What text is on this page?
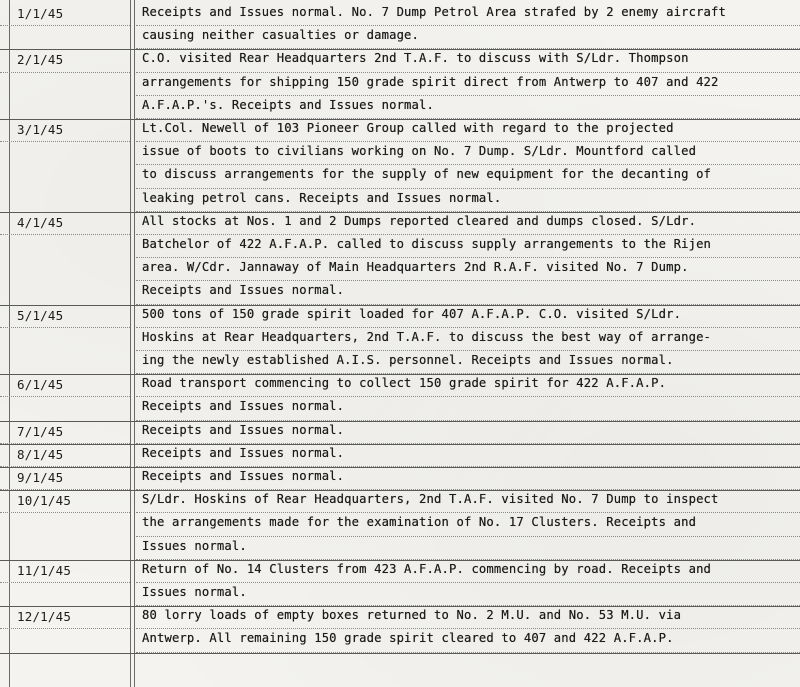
1/1/45	Receipts and Issues normal. No. 7 Dump Petrol Area strafed by 2 enemy aircraft
causing neither casualties or damage.
2/1/45	C.O. visited Rear Headquarters 2nd T.A.F. to discuss with S/Ldr. Thompson
arrangements for shipping 150 grade spirit direct from Antwerp to 407 and 422
A.F.A.P.'s. Receipts and Issues normal.
3/1/45	Lt.Col. Newell of 103 Pioneer Group called with regard to the projected
issue of boots to civilians working on No. 7 Dump. S/Ldr. Mountford called
to discuss arrangements for the supply of new equipment for the decanting of
leaking petrol cans. Receipts and Issues normal.
4/1/45	All stocks at Nos. 1 and 2 Dumps reported cleared and dumps closed. S/Ldr.
Batchelor of 422 A.F.A.P. called to discuss supply arrangements to the Rijen
area. W/Cdr. Jannaway of Main Headquarters 2nd R.A.F. visited No. 7 Dump.
Receipts and Issues normal.
5/1/45	500 tons of 150 grade spirit loaded for 407 A.F.A.P. C.O. visited S/Ldr.
Hoskins at Rear Headquarters, 2nd T.A.F. to discuss the best way of arrange-
ing the newly established A.I.S. personnel. Receipts and Issues normal.
6/1/45	Road transport commencing to collect 150 grade spirit for 422 A.F.A.P.
Receipts and Issues normal.
7/1/45	Receipts and Issues normal.
8/1/45	Receipts and Issues normal.
9/1/45	Receipts and Issues normal.
10/1/45	S/Ldr. Hoskins of Rear Headquarters, 2nd T.A.F. visited No. 7 Dump to inspect
the arrangements made for the examination of No. 17 Clusters. Receipts and
Issues normal.
11/1/45	Return of No. 14 Clusters from 423 A.F.A.P. commencing by road. Receipts and
Issues normal.
12/1/45	80 lorry loads of empty boxes returned to No. 2 M.U. and No. 53 M.U. via
Antwerp. All remaining 150 grade spirit cleared to 407 and 422 A.F.A.P.
